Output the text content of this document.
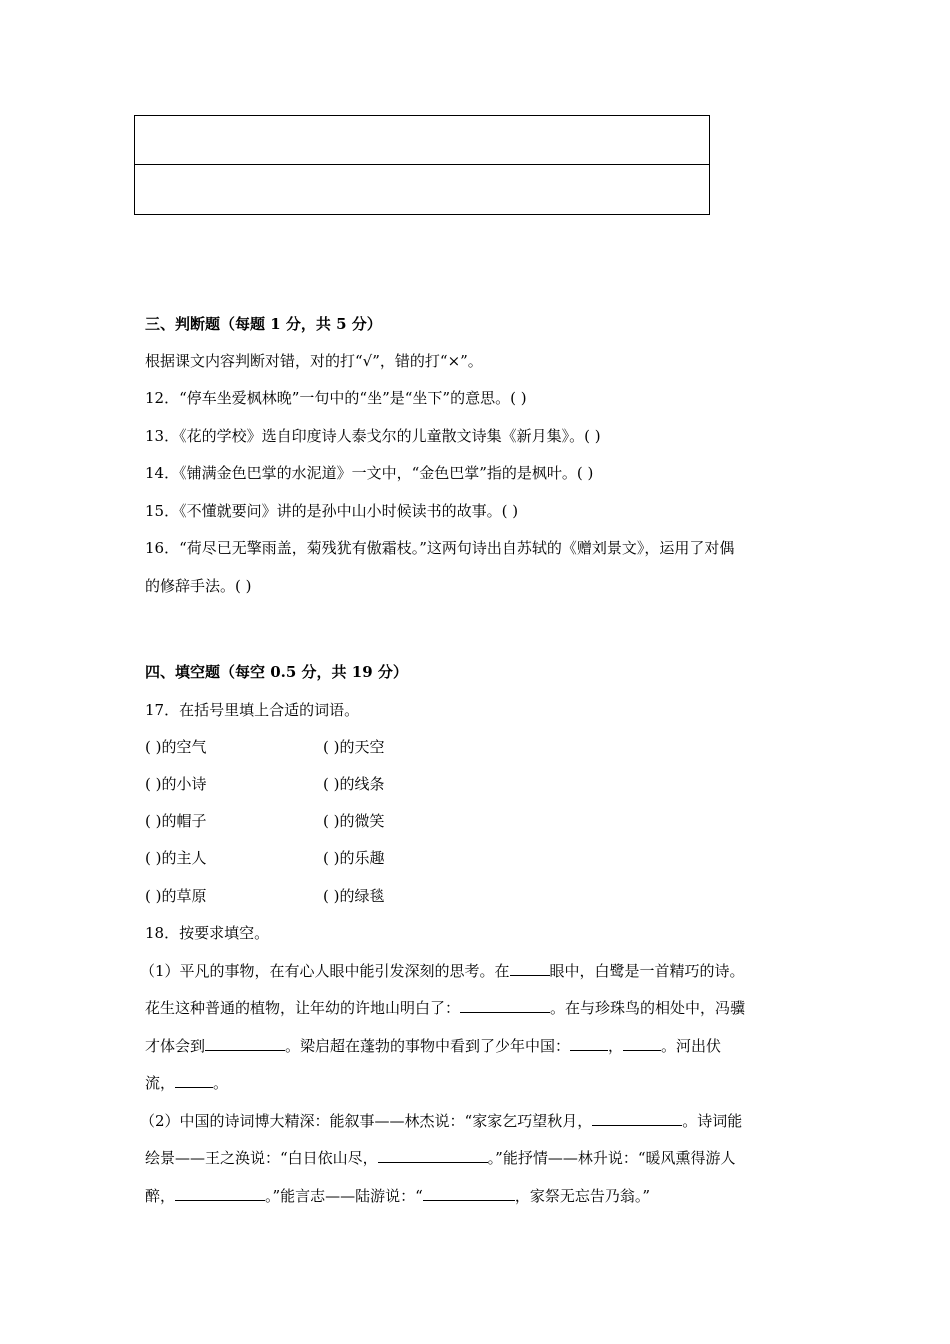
三、判断题（每题 1 分，共 5 分）
根据课文内容判断对错，对的打“√”，错的打“×”。
12．“停车坐爱枫林晚”一句中的“坐”是“坐下”的意思。( )
13．《花的学校》选自印度诗人泰戈尔的儿童散文诗集《新月集》。( )
14．《铺满金色巴掌的水泥道》一文中，“金色巴掌”指的是枫叶。( )
15．《不懂就要问》讲的是孙中山小时候读书的故事。( )
16．“荷尽已无擎雨盖，菊残犹有傲霜枝。”这两句诗出自苏轼的《赠刘景文》，运用了对偶
的修辞手法。( )
四、填空题（每空 0.5 分，共 19 分）
17．在括号里填上合适的词语。
( )的空气	( )的天空
( )的小诗	( )的线条
( )的帽子	( )的微笑
( )的主人	( )的乐趣
( )的草原	( )的绿毯
18．按要求填空。
（1）平凡的事物，在有心人眼中能引发深刻的思考。在	眼中，白鹭是一首精巧的诗。
花生这种普通的植物，让年幼的许地山明白了：	。在与珍珠鸟的相处中，冯骥
才体会到	。梁启超在蓬勃的事物中看到了少年中国：	，	。河出伏
流，	。
（2）中国的诗词博大精深：能叙事——林杰说：“家家乞巧望秋月，	。诗词能
绘景——王之涣说：“白日依山尽，	。”能抒情——林升说：“暖风熏得游人
醉，	。”能言志——陆游说：“	，家祭无忘告乃翁。”
